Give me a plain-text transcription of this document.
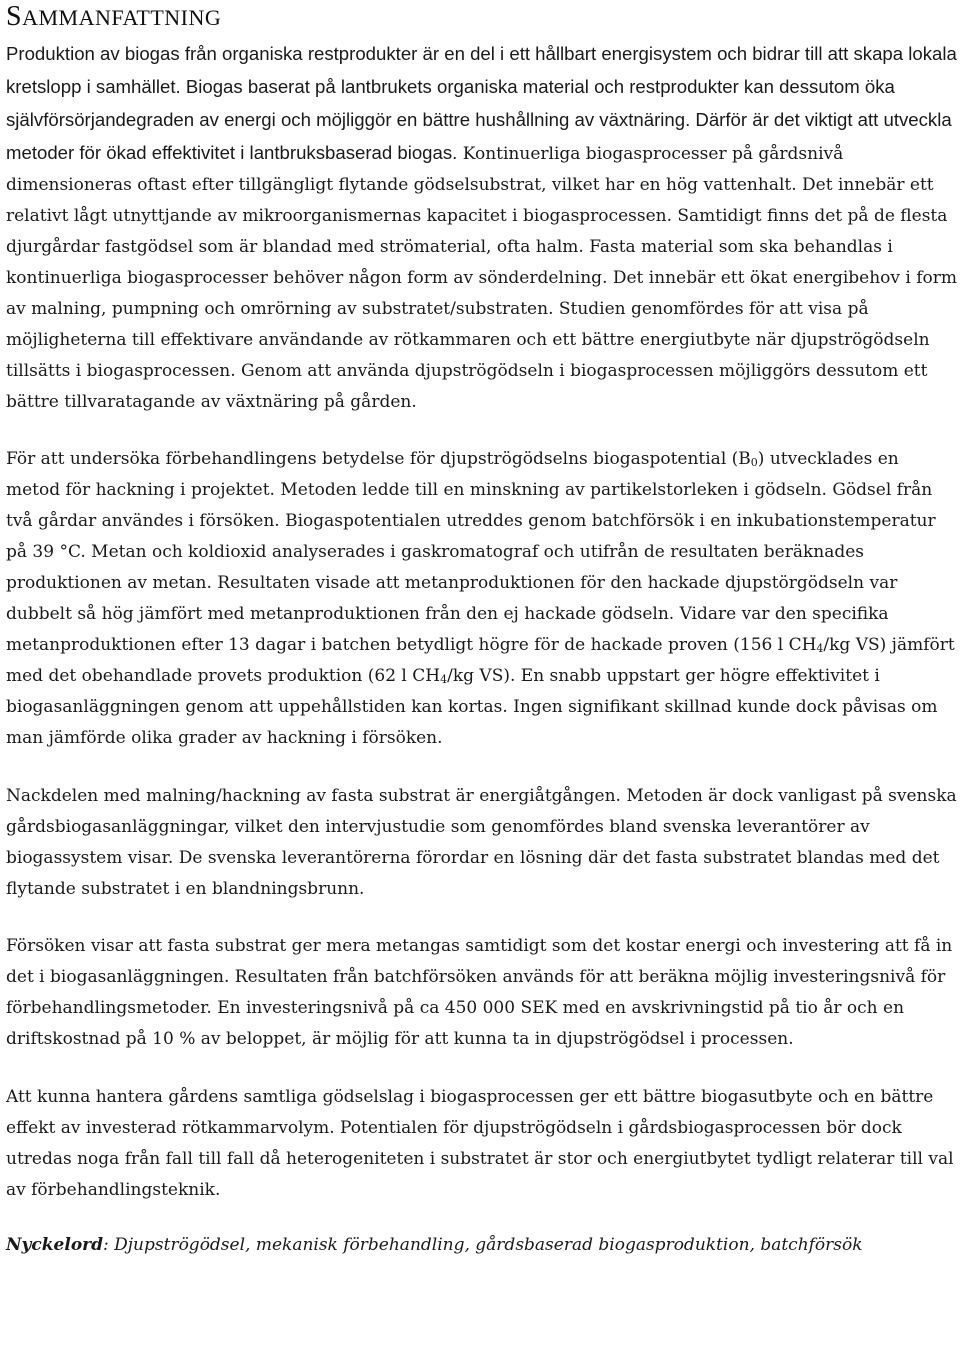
SAMMANFATTNING

Produktion av biogas från organiska restprodukter är en del i ett hållbart energisystem och bidrar till att skapa lokala kretslopp i samhället. Biogas baserat på lantbrukets organiska material och restprodukter kan dessutom öka självförsörjandegraden av energi och möjliggör en bättre hushållning av växtnäring. Därför är det viktigt att utveckla metoder för ökad effektivitet i lantbruksbaserad biogas. Kontinuerliga biogasprocesser på gårdsnivå dimensioneras oftast efter tillgängligt flytande gödselsubstrat, vilket har en hög vattenhalt. Det innebär ett relativt lågt utnyttjande av mikroorganismernas kapacitet i biogasprocessen. Samtidigt finns det på de flesta djurgårdar fastgödsel som är blandad med strömaterial, ofta halm. Fasta material som ska behandlas i kontinuerliga biogasprocesser behöver någon form av sönderdelning. Det innebär ett ökat energibehov i form av malning, pumpning och omrörning av substratet/substraten. Studien genomfördes för att visa på möjligheterna till effektivare användande av rötkammaren och ett bättre energiutbyte när djupströgödseln tillsätts i biogasprocessen. Genom att använda djupströgödseln i biogasprocessen möjliggörs dessutom ett bättre tillvaratagande av växtnäring på gården.

För att undersöka förbehandlingens betydelse för djupströgödselns biogaspotential $(B_0)$ utvecklades en metod för hackning i projektet. Metoden ledde till en minskning av partikelstorleken i gödseln. Gödsel från två gårdar användes i försöken. Biogaspotentialen utreddes genom batchförsök i en inkubationstemperatur på 39 °C. Metan och koldioxid analyserades i gaskromatograf och utifrån de resultaten beräknades produktionen av metan. Resultaten visade att metanproduktionen för den hackade djupstörgödseln var dubbelt så hög jämfört med metanproduktionen från den ej hackade gödseln. Vidare var den specifika metanproduktionen efter 13 dagar i batchen betydligt högre för de hackade proven (156 l $CH_4/kg$ VS) jämfört med det obehandlade provets produktion (62 l $CH_4/kg$ VS). En snabb uppstart ger högre effektivitet i biogasanläggningen genom att uppehållstiden kan kortas. Ingen signifikant skillnad kunde dock påvisas om man jämförde olika grader av hackning i försöken.

Nackdelen med malning/hackning av fasta substrat är energiåtgången. Metoden är dock vanligast på svenska gårdsbiogasanläggningar, vilket den intervjustudie som genomfördes bland svenska leverantörer av biogassystem visar. De svenska leverantörerna förordar en lösning där det fasta substratet blandas med det flytande substratet i en blandningsbrunn.

Försöken visar att fasta substrat ger mera metangas samtidigt som det kostar energi och investering att få in det i biogasanläggningen. Resultaten från batchförsöken används för att beräkna möjlig investeringsnivå för förbehandlingsmetoder. En investeringsnivå på ca 450 000 SEK med en avskrivningstid på tio år och en driftskostnad på 10 % av beloppet, är möjlig för att kunna ta in djupströgödsel i processen.

Att kunna hantera gårdens samtliga gödselslag i biogasprocessen ger ett bättre biogasutbyte och en bättre effekt av investerad rötkammarvolym. Potentialen för djupströgödseln i gårdsbiogasprocessen bör dock utredas noga från fall till fall då heterogeniteten i substratet är stor och energiutbytet tydligt relaterar till val av förbehandlingsteknik.

Nyckelord: Djupströgödsel, mekanisk förbehandling, gårdsbaserad biogasproduktion, batchförsök
